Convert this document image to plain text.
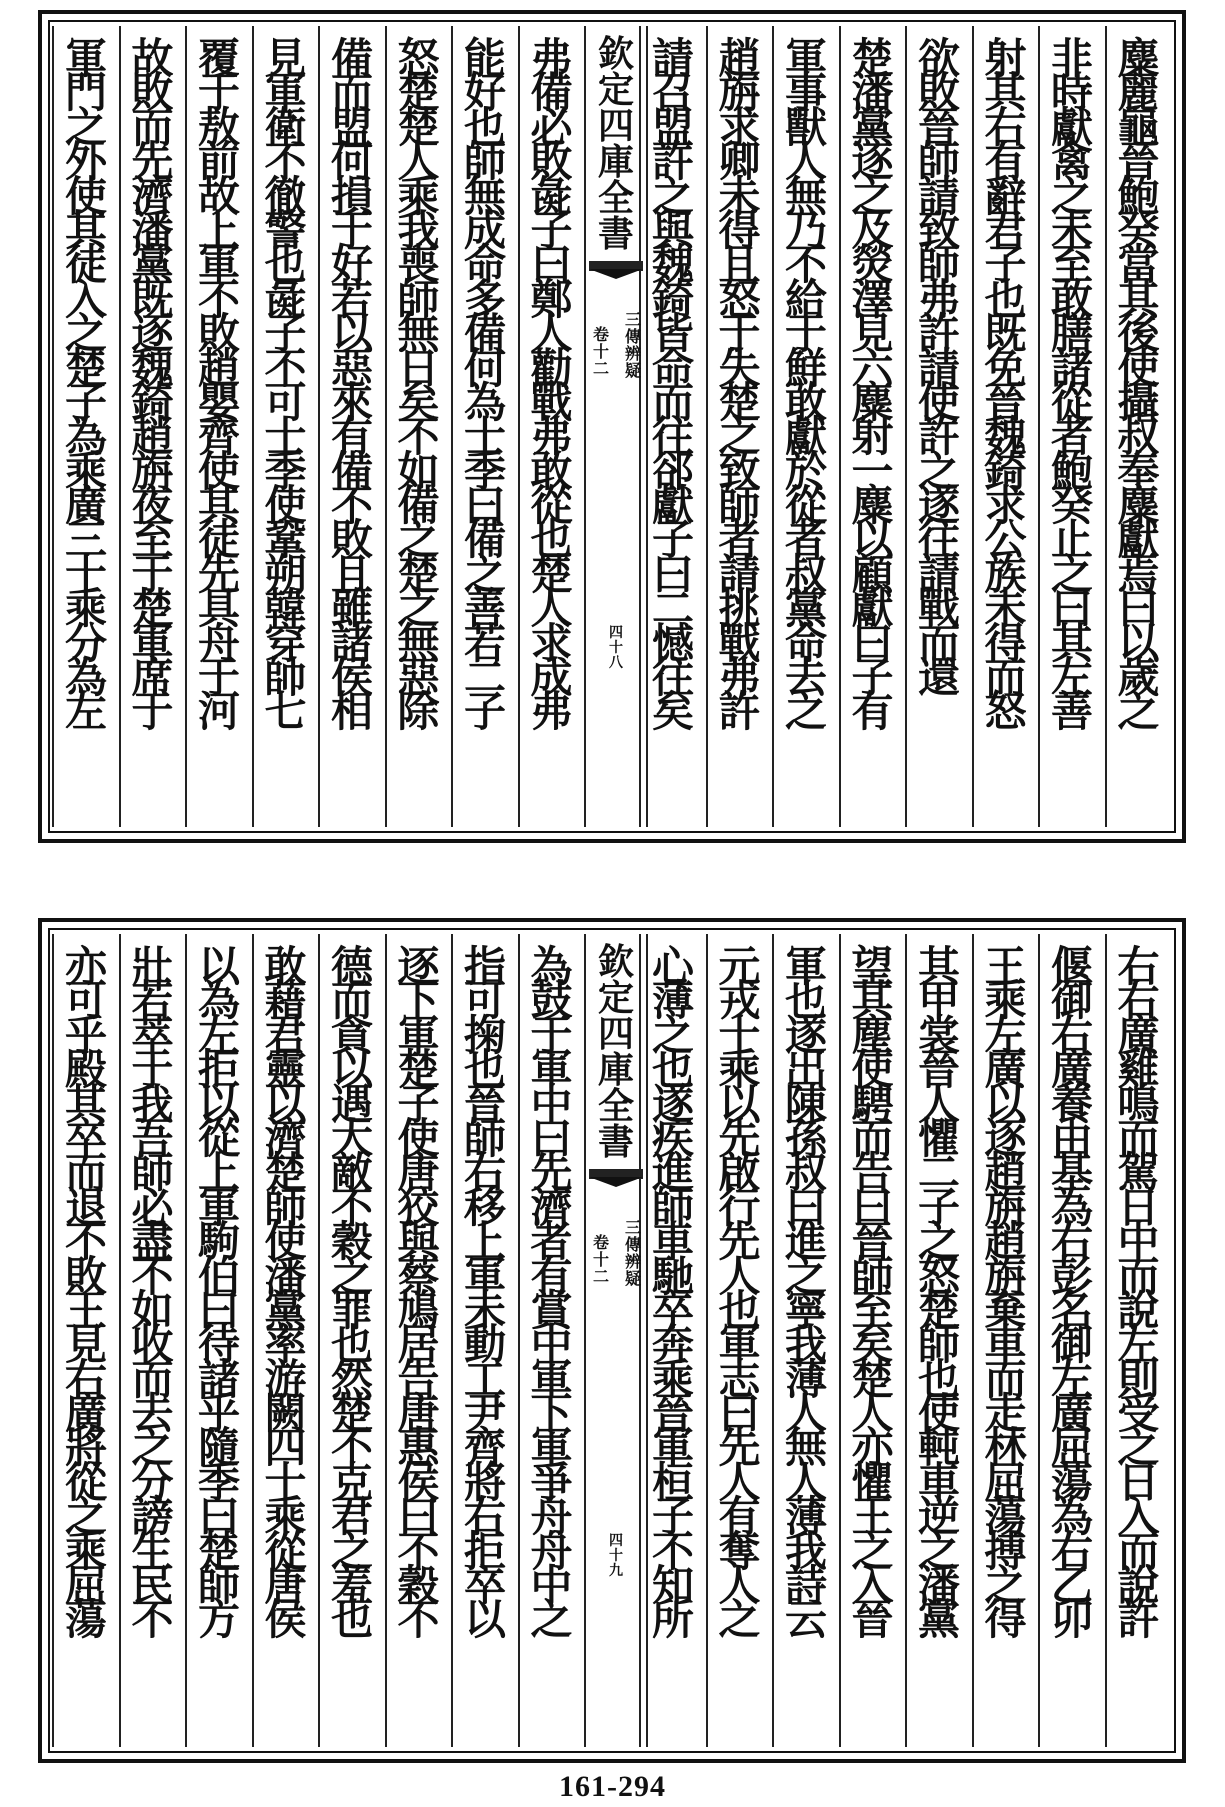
麋
麗
龜
晉
鮑
癸
當
其
後
使
攝
叔
奉
麋
獻
焉
曰
以
歲
之
非
時
獻
禽
之
未
至
敢
膳
諸
從
者
鮑
癸
止
之
曰
其
左
善
射
其
右
有
辭
君
子
也
既
免
晉
魏
錡
求
公
族
未
得
而
怒
欲
敗
晉
師
請
致
師
弗
許
請
使
許
之
遂
往
請
戰
而
還
楚
潘
黨
逐
之
及
熒
澤
見
六
麋
射
一
麋
以
顧
獻
曰
子
有
軍
事
獸
人
無
乃
不
給
于
鮮
敢
獻
於
從
者
叔
黨
命
去
之
趙
旃
求
卿
未
得
且
怒
于
失
楚
之
致
師
者
請
挑
戰
弗
許
請
召
盟
許
之
與
魏
錡
皆
命
而
往
郤
獻
子
曰
二
憾
往
矣
欽
定
四
庫
全
書
三
傳
辨
疑
卷
十
二
四
十
八
弗
備
必
敗
彘
子
曰
鄭
人
勸
戰
弗
敢
從
也
楚
人
求
成
弗
能
好
也
師
無
成
命
多
備
何
為
士
季
曰
備
之
善
若
二
子
怒
楚
楚
人
乘
我
喪
師
無
日
矣
不
如
備
之
楚
之
無
惡
除
備
而
盟
何
損
于
好
若
以
惡
來
有
備
不
敗
且
雖
諸
侯
相
見
軍
衛
不
徹
警
也
彘
子
不
可
士
季
使
鞏
朔
韓
穿
帥
七
覆
于
敖
前
故
上
軍
不
敗
趙
嬰
齊
使
其
徒
先
具
舟
于
河
故
敗
而
先
濟
潘
黨
既
逐
魏
錡
趙
旃
夜
至
于
楚
軍
席
于
軍
門
之
外
使
其
徒
入
之
楚
子
為
乘
廣
三
十
乘
分
為
左
右
右
廣
雞
鳴
而
駕
日
中
而
說
左
則
受
之
日
入
而
說
許
偃
御
右
廣
養
由
基
為
右
彭
名
御
左
廣
屈
蕩
為
右
乙
卯
王
乘
左
廣
以
逐
趙
旃
趙
旃
棄
車
而
走
林
屈
蕩
搏
之
得
其
甲
裳
晉
人
懼
二
子
之
怒
楚
師
也
使
軘
車
逆
之
潘
黨
望
其
塵
使
騁
而
告
曰
晉
師
至
矣
楚
人
亦
懼
王
之
入
晉
軍
也
遂
出
陳
孫
叔
曰
進
之
寧
我
薄
人
無
人
薄
我
詩
云
元
戎
十
乘
以
先
啟
行
先
人
也
軍
志
曰
先
人
有
奪
人
之
心
薄
之
也
遂
疾
進
師
車
馳
卒
奔
乘
晉
軍
桓
子
不
知
所
欽
定
四
庫
全
書
三
傳
辨
疑
卷
十
二
四
十
九
為
鼓
于
軍
中
曰
先
濟
者
有
賞
中
軍
下
軍
爭
舟
舟
中
之
指
可
掬
也
晉
師
右
移
上
軍
未
動
工
尹
齊
將
右
拒
卒
以
逐
下
軍
楚
子
使
唐
狡
與
蔡
鳩
居
告
唐
惠
侯
曰
不
穀
不
德
而
貪
以
遇
大
敵
不
穀
之
罪
也
然
楚
不
克
君
之
羞
也
敢
藉
君
靈
以
濟
楚
師
使
潘
黨
率
游
闕
四
十
乘
從
唐
侯
以
為
左
拒
以
從
上
軍
駒
伯
曰
待
諸
乎
隨
季
曰
楚
師
方
壯
若
萃
于
我
吾
師
必
盡
不
如
收
而
去
之
分
謗
生
民
不
亦
可
乎
殿
其
卒
而
退
不
敗
王
見
右
廣
將
從
之
乘
屈
蕩
161-294
